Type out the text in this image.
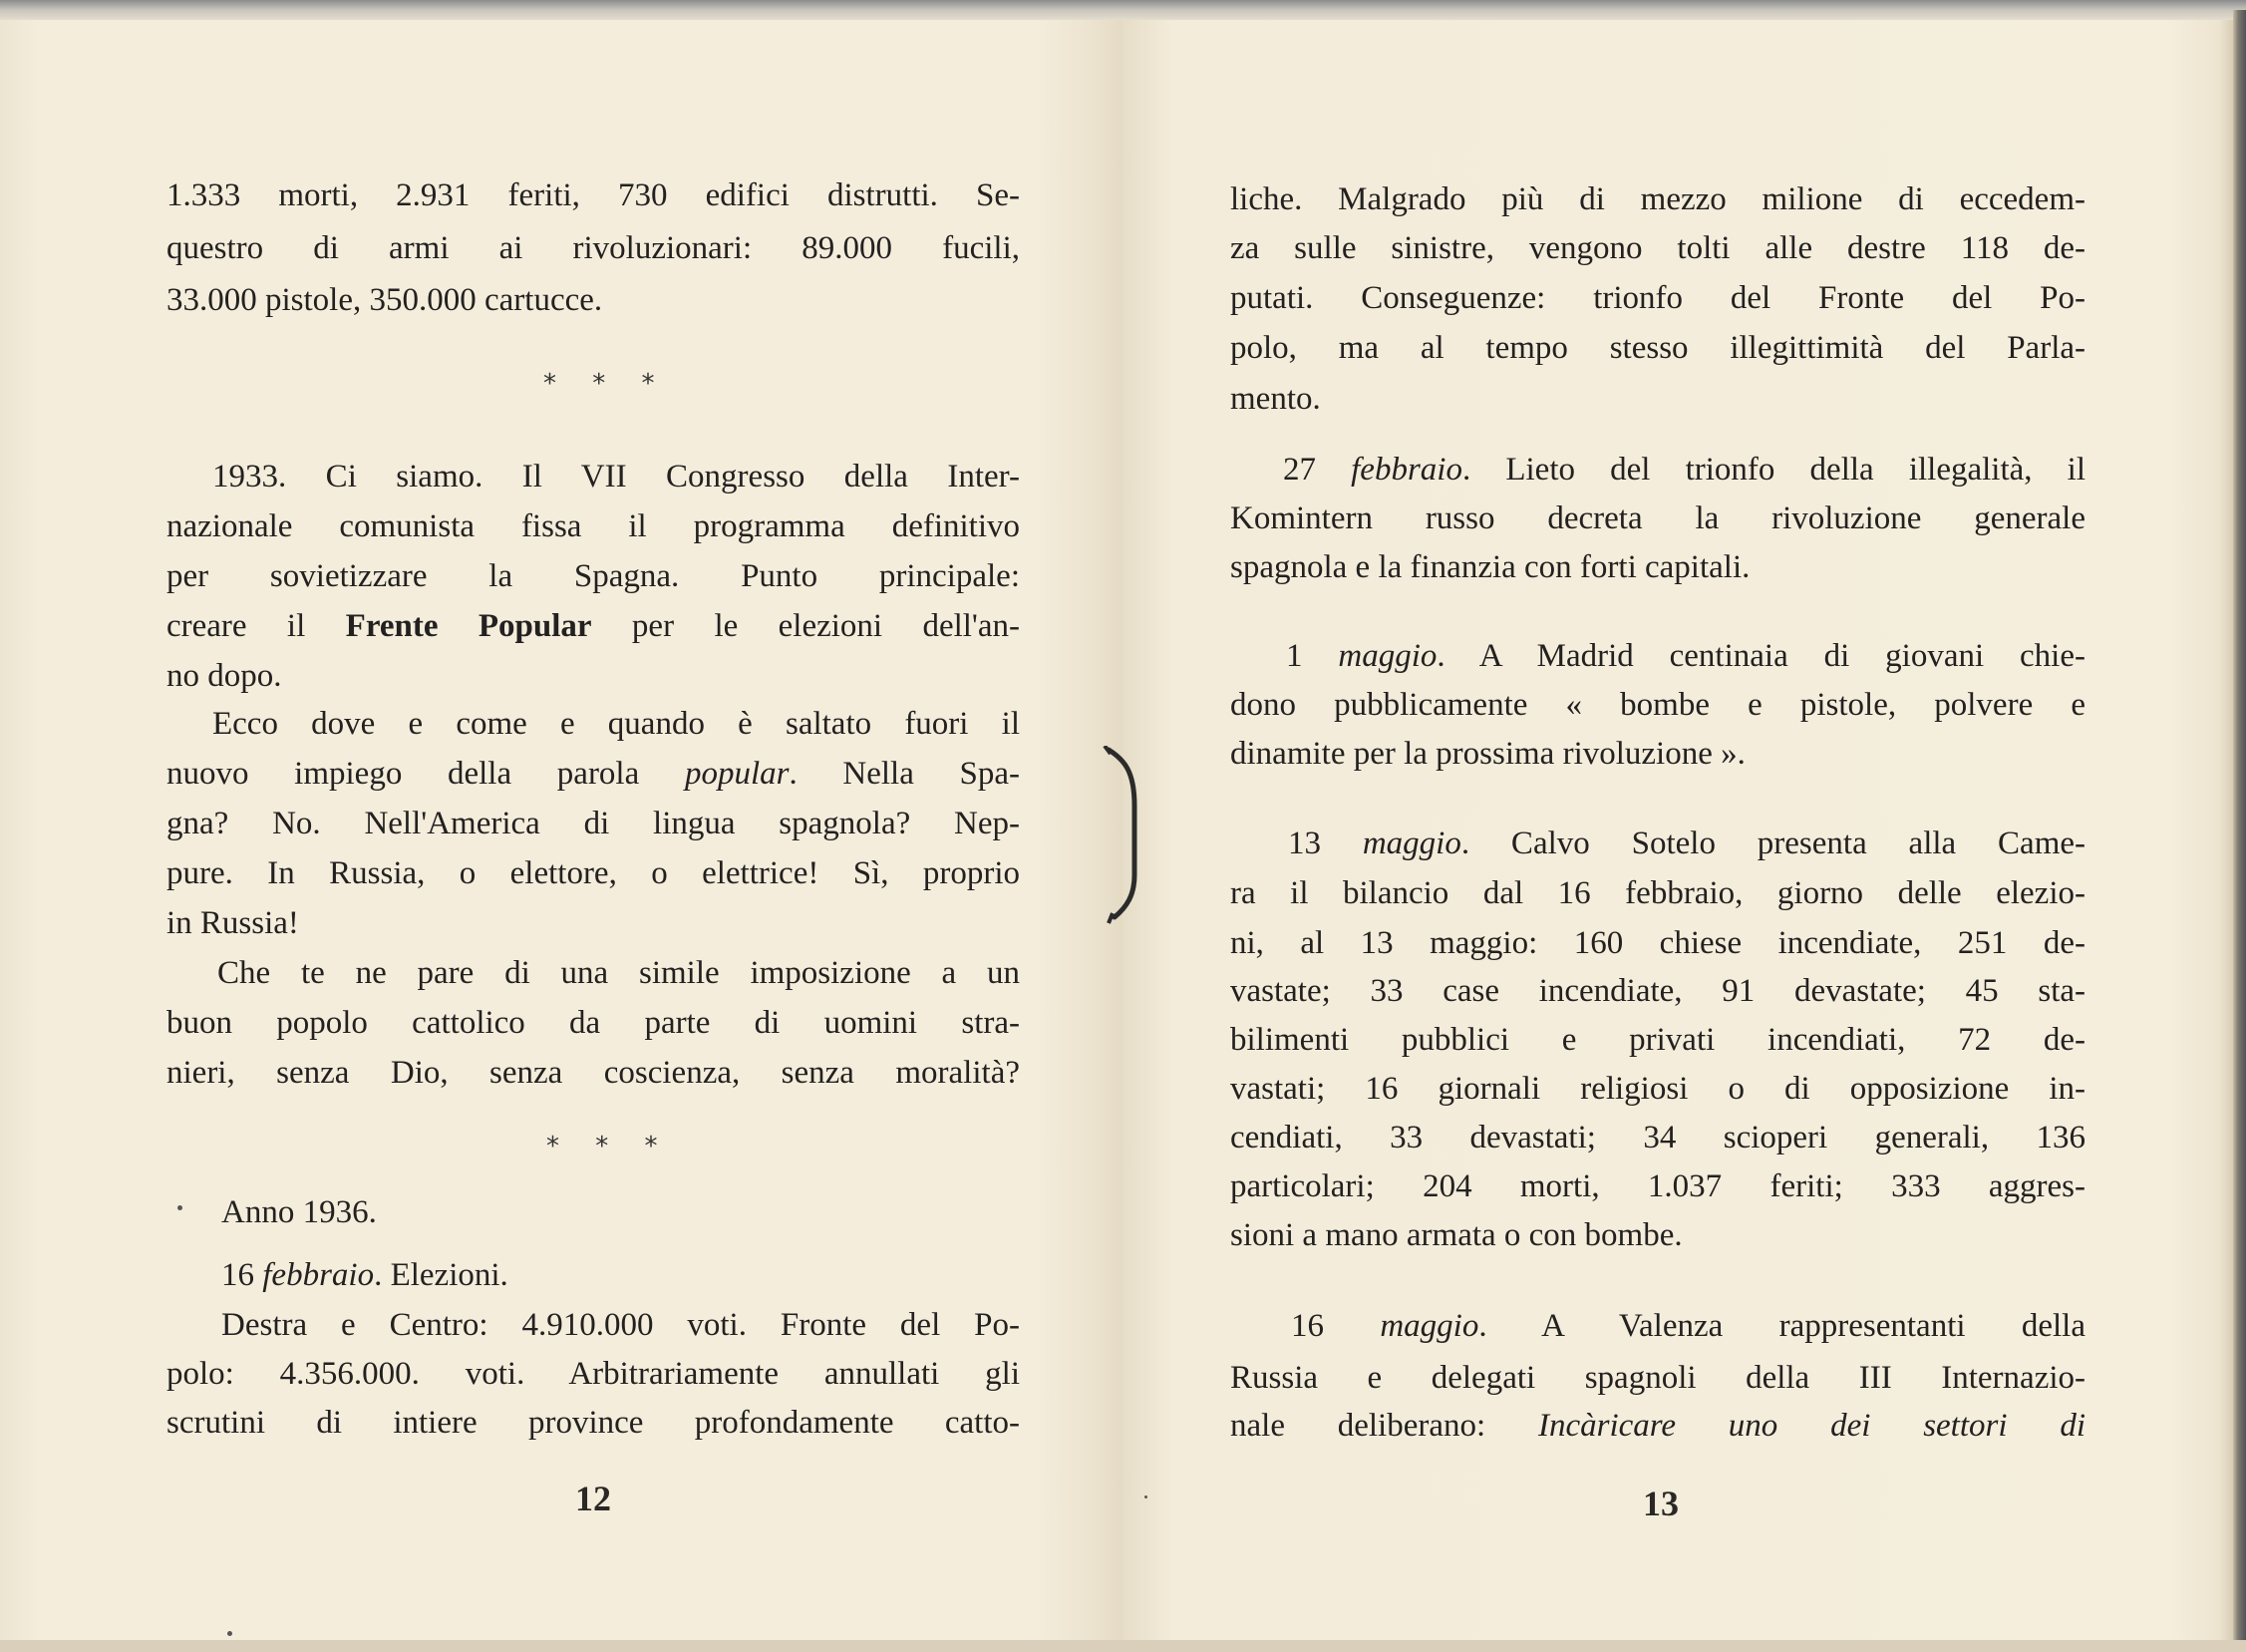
1.333 morti, 2.931 feriti, 730 edifici distrutti. Se-
questro di armi ai rivoluzionari: 89.000 fucili,
33.000 pistole, 350.000 cartucce.
* * *
1933. Ci siamo. Il VII Congresso della Inter-
nazionale comunista fissa il programma definitivo
per sovietizzare la Spagna. Punto principale:
creare il Frente Popular per le elezioni dell'an-
no dopo.
Ecco dove e come e quando è saltato fuori il
nuovo impiego della parola popular. Nella Spa-
gna? No. Nell'America di lingua spagnola? Nep-
pure. In Russia, o elettore, o elettrice! Sì, proprio
in Russia!
Che te ne pare di una simile imposizione a un
buon popolo cattolico da parte di uomini stra-
nieri, senza Dio, senza coscienza, senza moralità?
* * *
Anno 1936.
16 febbraio. Elezioni.
Destra e Centro: 4.910.000 voti. Fronte del Po-
polo: 4.356.000. voti. Arbitrariamente annullati gli
scrutini di intiere province profondamente catto-
12
liche. Malgrado più di mezzo milione di eccedem-
za sulle sinistre, vengono tolti alle destre 118 de-
putati. Conseguenze: trionfo del Fronte del Po-
polo, ma al tempo stesso illegittimità del Parla-
mento.
27 febbraio. Lieto del trionfo della illegalità, il
Komintern russo decreta la rivoluzione generale
spagnola e la finanzia con forti capitali.
1 maggio. A Madrid centinaia di giovani chie-
dono pubblicamente « bombe e pistole, polvere e
dinamite per la prossima rivoluzione ».
13 maggio. Calvo Sotelo presenta alla Came-
ra il bilancio dal 16 febbraio, giorno delle elezio-
ni, al 13 maggio: 160 chiese incendiate, 251 de-
vastate; 33 case incendiate, 91 devastate; 45 sta-
bilimenti pubblici e privati incendiati, 72 de-
vastati; 16 giornali religiosi o di opposizione in-
cendiati, 33 devastati; 34 scioperi generali, 136
particolari; 204 morti, 1.037 feriti; 333 aggres-
sioni a mano armata o con bombe.
16 maggio. A Valenza rappresentanti della
Russia e delegati spagnoli della III Internazio-
nale deliberano: Incàricare uno dei settori di
13
